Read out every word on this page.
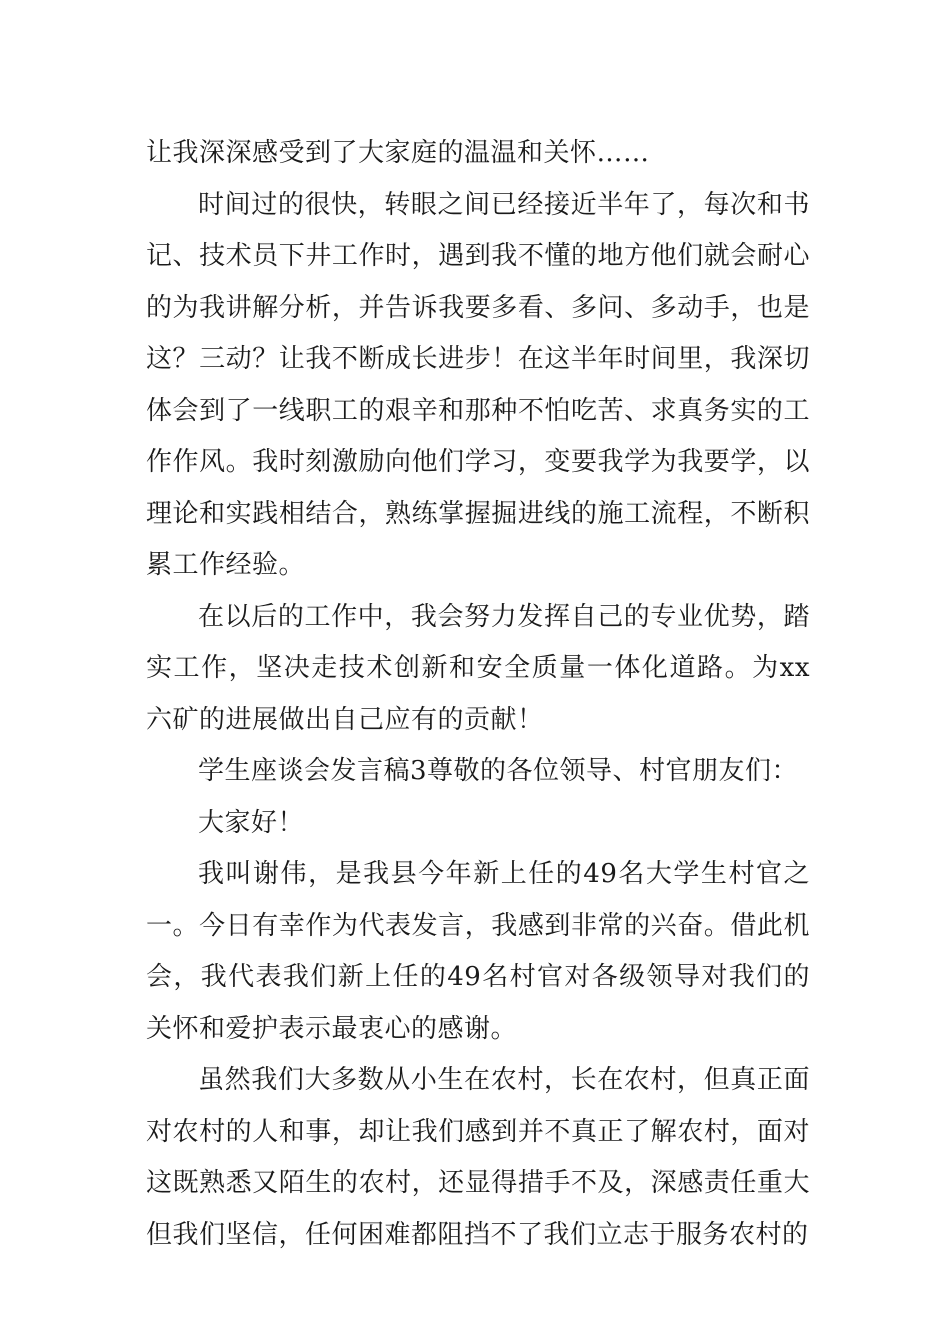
让我深深感受到了大家庭的温温和关怀……

时间过的很快，转眼之间已经接近半年了，每次和书记、技术员下井工作时，遇到我不懂的地方他们就会耐心的为我讲解分析，并告诉我要多看、多问、多动手，也是这？三动？让我不断成长进步！在这半年时间里，我深切体会到了一线职工的艰辛和那种不怕吃苦、求真务实的工作作风。我时刻激励向他们学习，变要我学为我要学，以理论和实践相结合，熟练掌握掘进线的施工流程，不断积累工作经验。

在以后的工作中，我会努力发挥自己的专业优势，踏实工作，坚决走技术创新和安全质量一体化道路。为xx六矿的进展做出自己应有的贡献！

学生座谈会发言稿3尊敬的各位领导、村官朋友们：

大家好！

我叫谢伟，是我县今年新上任的49名大学生村官之一。今日有幸作为代表发言，我感到非常的兴奋。借此机会，我代表我们新上任的49名村官对各级领导对我们的关怀和爱护表示最衷心的感谢。

虽然我们大多数从小生在农村，长在农村，但真正面对农村的人和事，却让我们感到并不真正了解农村，面对这既熟悉又陌生的农村，还显得措手不及，深感责任重大但我们坚信，任何困难都阻挡不了我们立志于服务农村的
